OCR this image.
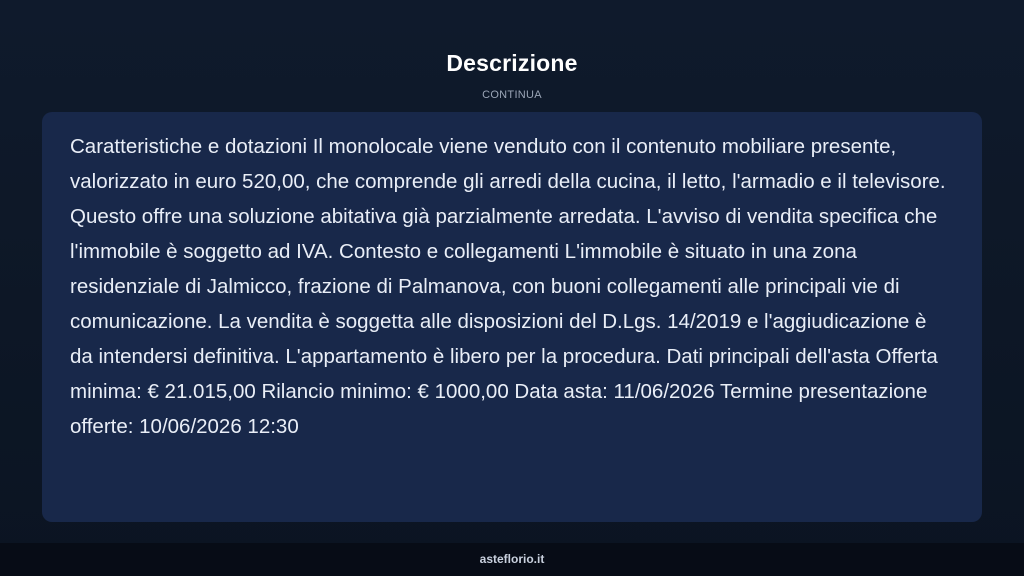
Descrizione
CONTINUA

Caratteristiche e dotazioni Il monolocale viene venduto con il contenuto mobiliare presente, valorizzato in euro 520,00, che comprende gli arredi della cucina, il letto, l'armadio e il televisore. Questo offre una soluzione abitativa già parzialmente arredata. L'avviso di vendita specifica che l'immobile è soggetto ad IVA. Contesto e collegamenti L'immobile è situato in una zona residenziale di Jalmicco, frazione di Palmanova, con buoni collegamenti alle principali vie di comunicazione. La vendita è soggetta alle disposizioni del D.Lgs. 14/2019 e l'aggiudicazione è da intendersi definitiva. L'appartamento è libero per la procedura. Dati principali dell'asta Offerta minima: € 21.015,00 Rilancio minimo: € 1000,00 Data asta: 11/06/2026 Termine presentazione offerte: 10/06/2026 12:30

asteflorio.it
